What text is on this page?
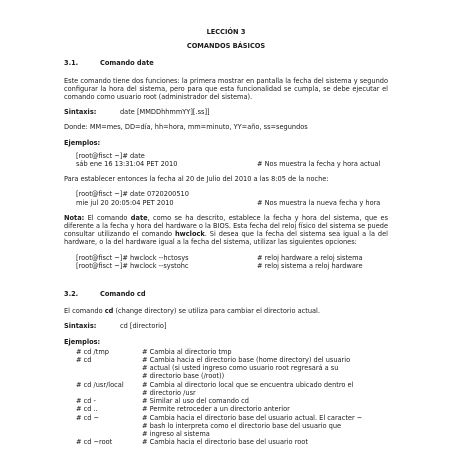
LECCIÓN 3
COMANDOS BÁSICOS
3.1.	Comando date

Este comando tiene dos funciones: la primera mostrar en pantalla la fecha del sistema y segundo configurar la hora del sistema, pero para que esta funcionalidad se cumpla, se debe ejecutar el comando como usuario root (administrador del sistema).

Sintaxis:	date [MMDDhhmmYY][.ss]]

Donde: MM=mes, DD=día, hh=hora, mm=minuto, YY=año, ss=segundos

Ejemplos:
[root@fisct ~]# date
sáb ene 16 13:31:04 PET 2010	# Nos muestra la fecha y hora actual

Para establecer entonces la fecha al 20 de Julio del 2010 a las 8:05 de la noche:

[root@fisct ~]# date 0720200510
mie jul 20 20:05:04 PET 2010	# Nos muestra la nueva fecha y hora

Nota: El comando date, como se ha descrito, establece la fecha y hora del sistema, que es diferente a la fecha y hora del hardware o la BIOS. Esta fecha del reloj físico del sistema se puede consultar utilizando el comando hwclock. Si desea que la fecha del sistema sea igual a la del hardware, o la del hardware igual a la fecha del sistema, utilizar las siguientes opciones:

[root@fisct ~]# hwclock --hctosys	# reloj hardware a reloj sistema
[root@fisct ~]# hwclock --systohc	# reloj sistema a reloj hardware
3.2.	Comando cd

El comando cd (change directory) se utiliza para cambiar el directorio actual.

Sintaxis:	cd [directorio]
Ejemplos:
# cd /tmp	# Cambia al directorio tmp
# cd	# Cambia hacia el directorio base (home directory) del usuario
# actual (si usted ingreso como usuario root regresará a su
# directorio base (/root))
# cd /usr/local	# Cambia al directorio local que se encuentra ubicado dentro el
# directorio /usr
# cd -	# Similar al uso del comando cd
# cd ..	# Permite retroceder a un directorio anterior
# cd ~	# Cambia hacia el directorio base del usuario actual. El caracter ~
# bash lo interpreta como el directorio base del usuario que
# ingreso al sistema
# cd ~root	# Cambia hacia el directorio base del usuario root
